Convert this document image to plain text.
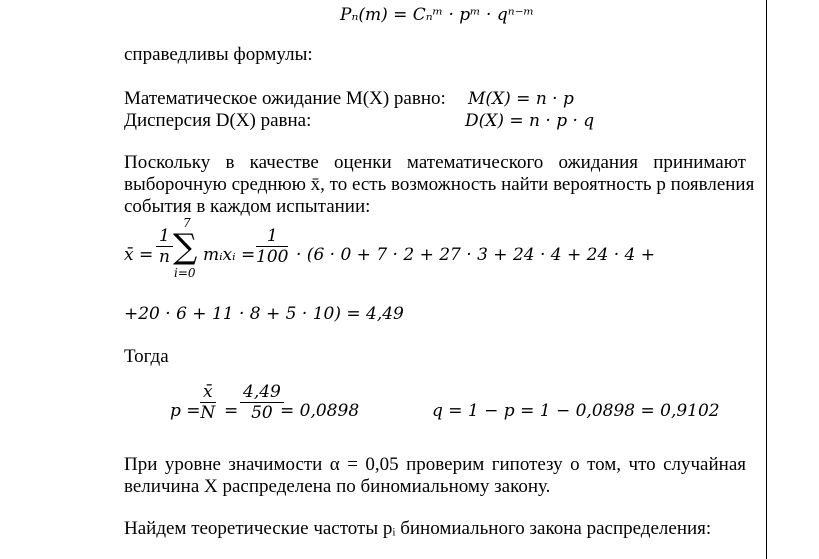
Pₙ(m) = Cₙᵐ · pᵐ · qⁿ⁻ᵐ
справедливы формулы:
Математическое ожидание M(X) равно: M(X) = n · p
Дисперсия D(X) равна:	D(X) = n · p · q
Поскольку в качестве оценки математического ожидания принимают
выборочную среднюю x̄, то есть возможность найти вероятность p появления
события в каждом испытании:
x̄ = $\frac{1}{n}$
7
∑
i=0
mᵢxᵢ = $\frac{1}{100} \cdot (6 \cdot 0 + 7 \cdot 2 + 27 \cdot 3 + 24 \cdot 4 + 24 \cdot 4$ +
+20 · 6 + 11 · 8 + 5 · 10) = 4,49
Тогда
$p = \frac{x̄}{N} = \frac{4,49}{50}$
= 0,0898	q = 1 − p = 1 − 0,0898 = 0,9102
При уровне значимости α = 0,05 проверим гипотезу о том, что случайная
величина X распределена по биномиальному закону.
Найдем теоретические частоты pᵢ биномиального закона распределения:
